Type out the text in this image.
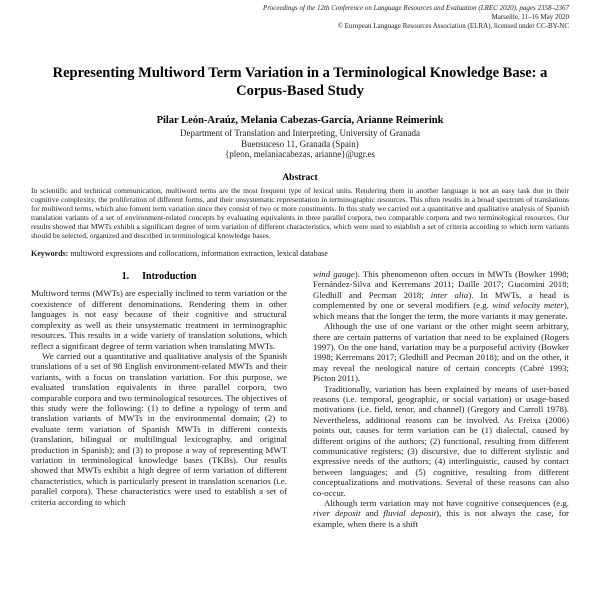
Proceedings of the 12th Conference on Language Resources and Evaluation (LREC 2020), pages 2358–2367
Marseille, 11–16 May 2020
© European Language Resources Association (ELRA), licensed under CC-BY-NC
Representing Multiword Term Variation in a Terminological Knowledge Base: a Corpus-Based Study
Pilar León-Araúz, Melania Cabezas-García, Arianne Reimerink
Department of Translation and Interpreting, University of Granada
Buensuceso 11, Granada (Spain)
{pleon, melaniacabezas, arianne}@ugr.es
Abstract
In scientific and technical communication, multiword terms are the most frequent type of lexical units. Rendering them in another language is not an easy task due to their cognitive complexity, the proliferation of different forms, and their unsystematic representation in terminographic resources. This often results in a broad spectrum of translations for multiword terms, which also foment term variation since they consist of two or more constituents. In this study we carried out a quantitative and qualitative analysis of Spanish translation variants of a set of environment-related concepts by evaluating equivalents in three parallel corpora, two comparable corpora and two terminological resources. Our results showed that MWTs exhibit a significant degree of term variation of different characteristics, which were used to establish a set of criteria according to which term variants should be selected, organized and described in terminological knowledge bases.
Keywords: multiword expressions and collocations, information extraction, lexical database
1. Introduction

Multiword terms (MWTs) are especially inclined to term variation or the coexistence of different denominations. Rendering them in other languages is not easy because of their cognitive and structural complexity as well as their unsystematic treatment in terminographic resources. This results in a wide variety of translation solutions, which reflect a significant degree of term variation when translating MWTs.

We carried out a quantitative and qualitative analysis of the Spanish translations of a set of 98 English environment-related MWTs and their variants, with a focus on translation variation. For this purpose, we evaluated translation equivalents in three parallel corpora, two comparable corpora and two terminological resources. The objectives of this study were the following: (1) to define a typology of term and translation variants of MWTs in the environmental domain; (2) to evaluate term variation of Spanish MWTs in different contexts (translation, bilingual or multilingual lexicography, and original production in Spanish); and (3) to propose a way of representing MWT variation in terminological knowledge bases (TKBs). Our results showed that MWTs exhibit a high degree of term variation of different characteristics, which is particularly present in translation scenarios (i.e. parallel corpora). These characteristics were used to establish a set of criteria according to which

wind gauge). This phenomenon often occurs in MWTs (Bowker 1998; Fernández-Silva and Kerremans 2011; Daille 2017; Giacomini 2018; Gledhill and Pecman 2018; inter alia). In MWTs, a head is complemented by one or several modifiers (e.g. wind velocity meter), which means that the longer the term, the more variants it may generate.

Although the use of one variant or the other might seem arbitrary, there are certain patterns of variation that need to be explained (Rogers 1997). On the one hand, variation may be a purposeful activity (Bowker 1998; Kerremans 2017; Gledhill and Pecman 2018); and on the other, it may reveal the neological nature of certain concepts (Cabré 1993; Picton 2011).

Traditionally, variation has been explained by means of user-based reasons (i.e. temporal, geographic, or social variation) or usage-based motivations (i.e. field, tenor, and channel) (Gregory and Carroll 1978). Nevertheless, additional reasons can be involved. As Freixa (2006) points out, causes for term variation can be (1) dialectal, caused by different origins of the authors; (2) functional, resulting from different communicative registers; (3) discursive, due to different stylistic and expressive needs of the authors; (4) interlinguistic, caused by contact between languages; and (5) cognitive, resulting from different conceptualizations and motivations. Several of these reasons can also co-occur.

Although term variation may not have cognitive consequences (e.g. river deposit and fluvial deposit), this is not always the case, for example, when there is a shift
